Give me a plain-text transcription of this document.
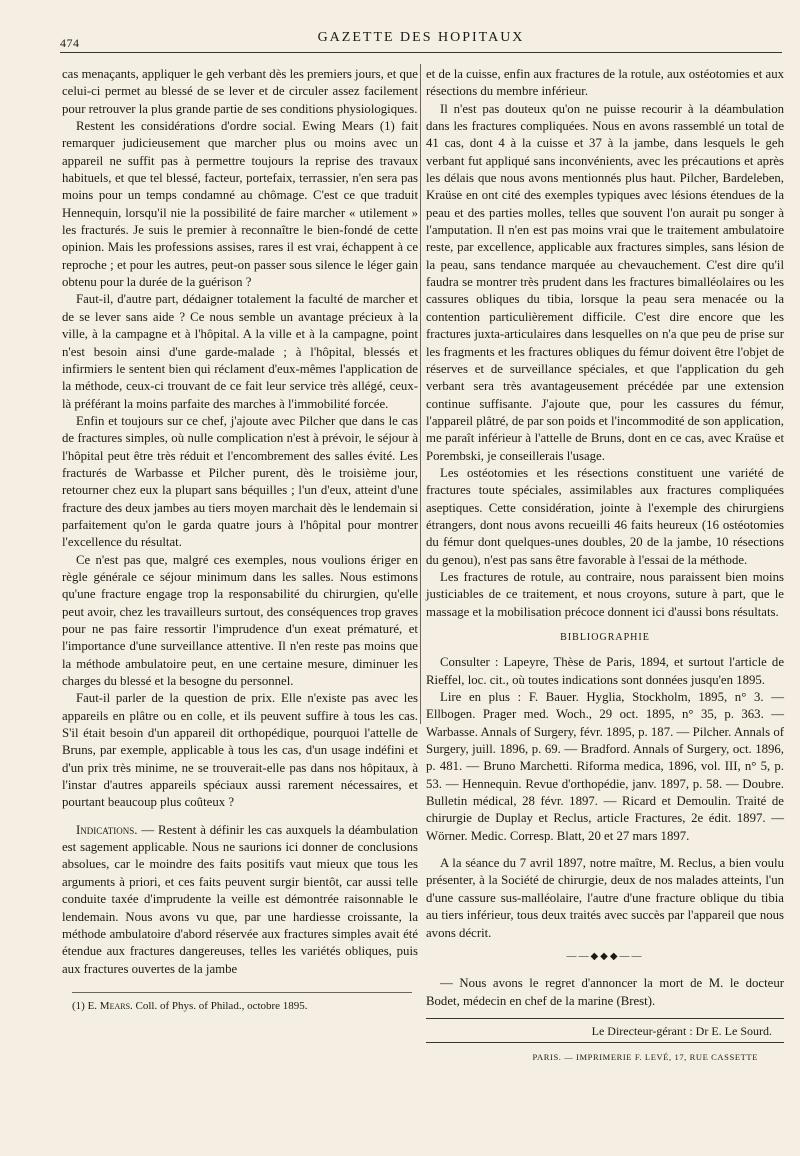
474	GAZETTE DES HOPITAUX

cas menaçants, appliquer le geh verbant dès les premiers jours, et que celui-ci permet au blessé de se lever et de circuler assez facilement pour retrouver la plus grande partie de ses conditions physiologiques.

Restent les considérations d'ordre social. Ewing Mears (1) fait remarquer judicieusement que marcher plus ou moins avec un appareil ne suffit pas à permettre toujours la reprise des travaux habituels, et que tel blessé, facteur, portefaix, terrassier, n'en sera pas moins pour un temps condamné au chômage. C'est ce que traduit Hennequin, lorsqu'il nie la possibilité de faire marcher « utilement » les fracturés. Je suis le premier à reconnaître le bien-fondé de cette opinion. Mais les professions assises, rares il est vrai, échappent à ce reproche ; et pour les autres, peut-on passer sous silence le léger gain obtenu pour la durée de la guérison ?

Faut-il, d'autre part, dédaigner totalement la faculté de marcher et de se lever sans aide ? Ce nous semble un avantage précieux à la ville, à la campagne et à l'hôpital. A la ville et à la campagne, point n'est besoin ainsi d'une garde-malade ; à l'hôpital, blessés et infirmiers le sentent bien qui réclament d'eux-mêmes l'application de la méthode, ceux-ci trouvant de ce fait leur service très allégé, ceux-là préférant la moins parfaite des marches à l'immobilité forcée.

Enfin et toujours sur ce chef, j'ajoute avec Pilcher que dans le cas de fractures simples, où nulle complication n'est à prévoir, le séjour à l'hôpital peut être très réduit et l'encombrement des salles évité. Les fracturés de Warbasse et Pilcher purent, dès le troisième jour, retourner chez eux la plupart sans béquilles ; l'un d'eux, atteint d'une fracture des deux jambes au tiers moyen marchait dès le lendemain si parfaitement qu'on le garda quatre jours à l'hôpital pour montrer l'excellence du résultat.

Ce n'est pas que, malgré ces exemples, nous voulions ériger en règle générale ce séjour minimum dans les salles. Nous estimons qu'une fracture engage trop la responsabilité du chirurgien, qu'elle peut avoir, chez les travailleurs surtout, des conséquences trop graves pour ne pas faire ressortir l'imprudence d'un exeat prématuré, et l'importance d'une surveillance attentive. Il n'en reste pas moins que la méthode ambulatoire peut, en une certaine mesure, diminuer les charges du blessé et la besogne du personnel.

Faut-il parler de la question de prix. Elle n'existe pas avec les appareils en plâtre ou en colle, et ils peuvent suffire à tous les cas. S'il était besoin d'un appareil dit orthopédique, pourquoi l'attelle de Bruns, par exemple, applicable à tous les cas, d'un usage indéfini et d'un prix très minime, ne se trouverait-elle pas dans nos hôpitaux, à l'instar d'autres appareils spéciaux aussi rarement nécessaires, et pourtant beaucoup plus coûteux ?

Indications. — Restent à définir les cas auxquels la déambulation est sagement applicable. Nous ne saurions ici donner de conclusions absolues, car le moindre des faits positifs vaut mieux que tous les arguments à priori, et ces faits peuvent surgir bientôt, car aussi telle conduite taxée d'imprudente la veille est démontrée raisonnable le lendemain. Nous avons vu que, par une hardiesse croissante, la méthode ambulatoire d'abord réservée aux fractures simples avait été étendue aux fractures dangereuses, telles les variétés obliques, puis aux fractures ouvertes de la jambe

(1) E. Mears. Coll. of Phys. of Philad., octobre 1895.

et de la cuisse, enfin aux fractures de la rotule, aux ostéotomies et aux résections du membre inférieur.

Il n'est pas douteux qu'on ne puisse recourir à la déambulation dans les fractures compliquées. Nous en avons rassemblé un total de 41 cas, dont 4 à la cuisse et 37 à la jambe, dans lesquels le geh verbant fut appliqué sans inconvénients, avec les précautions et après les délais que nous avons mentionnés plus haut. Pilcher, Bardeleben, Kraüse en ont cité des exemples typiques avec lésions étendues de la peau et des parties molles, telles que souvent l'on aurait pu songer à l'amputation. Il n'en est pas moins vrai que le traitement ambulatoire reste, par excellence, applicable aux fractures simples, sans lésion de la peau, sans tendance marquée au chevauchement. C'est dire qu'il faudra se montrer très prudent dans les fractures bimalléolaires ou les cassures obliques du tibia, lorsque la peau sera menacée ou la contention particulièrement difficile. C'est dire encore que les fractures juxta-articulaires dans lesquelles on n'a que peu de prise sur les fragments et les fractures obliques du fémur doivent être l'objet de réserves et de surveillance spéciales, et que l'application du geh verbant sera très avantageusement précédée par une extension continue suffisante. J'ajoute que, pour les cassures du fémur, l'appareil plâtré, de par son poids et l'incommodité de son application, me paraît inférieur à l'attelle de Bruns, dont en ce cas, avec Kraüse et Porembski, je conseillerais l'usage.

Les ostéotomies et les résections constituent une variété de fractures toute spéciales, assimilables aux fractures compliquées aseptiques. Cette considération, jointe à l'exemple des chirurgiens étrangers, dont nous avons recueilli 46 faits heureux (16 ostéotomies du fémur dont quelques-unes doubles, 20 de la jambe, 10 résections du genou), n'est pas sans être favorable à l'essai de la méthode.

Les fractures de rotule, au contraire, nous paraissent bien moins justiciables de ce traitement, et nous croyons, suture à part, que le massage et la mobilisation précoce donnent ici d'aussi bons résultats.

BIBLIOGRAPHIE

Consulter : Lapeyre, Thèse de Paris, 1894, et surtout l'article de Rieffel, loc. cit., où toutes indications sont données jusqu'en 1895.

Lire en plus : F. Bauer. Hyglia, Stockholm, 1895, n° 3. — Ellbogen. Prager med. Woch., 29 oct. 1895, n° 35, p. 363. — Warbasse. Annals of Surgery, févr. 1895, p. 187. — Pilcher. Annals of Surgery, juill. 1896, p. 69. — Bradford. Annals of Surgery, oct. 1896, p. 481. — Bruno Marchetti. Riforma medica, 1896, vol. III, n° 5, p. 53. — Hennequin. Revue d'orthopédie, janv. 1897, p. 58. — Doubre. Bulletin médical, 28 févr. 1897. — Ricard et Demoulin. Traité de chirurgie de Duplay et Reclus, article Fractures, 2e édit. 1897. — Wörner. Medic. Corresp. Blatt, 20 et 27 mars 1897.

A la séance du 7 avril 1897, notre maître, M. Reclus, a bien voulu présenter, à la Société de chirurgie, deux de nos malades atteints, l'un d'une cassure sus-malléolaire, l'autre d'une fracture oblique du tibia au tiers inférieur, tous deux traités avec succès par l'appareil que nous avons décrit.

——◆◆◆——

— Nous avons le regret d'annoncer la mort de M. le docteur Bodet, médecin en chef de la marine (Brest).

Le Directeur-gérant : Dr E. Le Sourd.

PARIS. — IMPRIMERIE F. LEVÉ, 17, RUE CASSETTE
